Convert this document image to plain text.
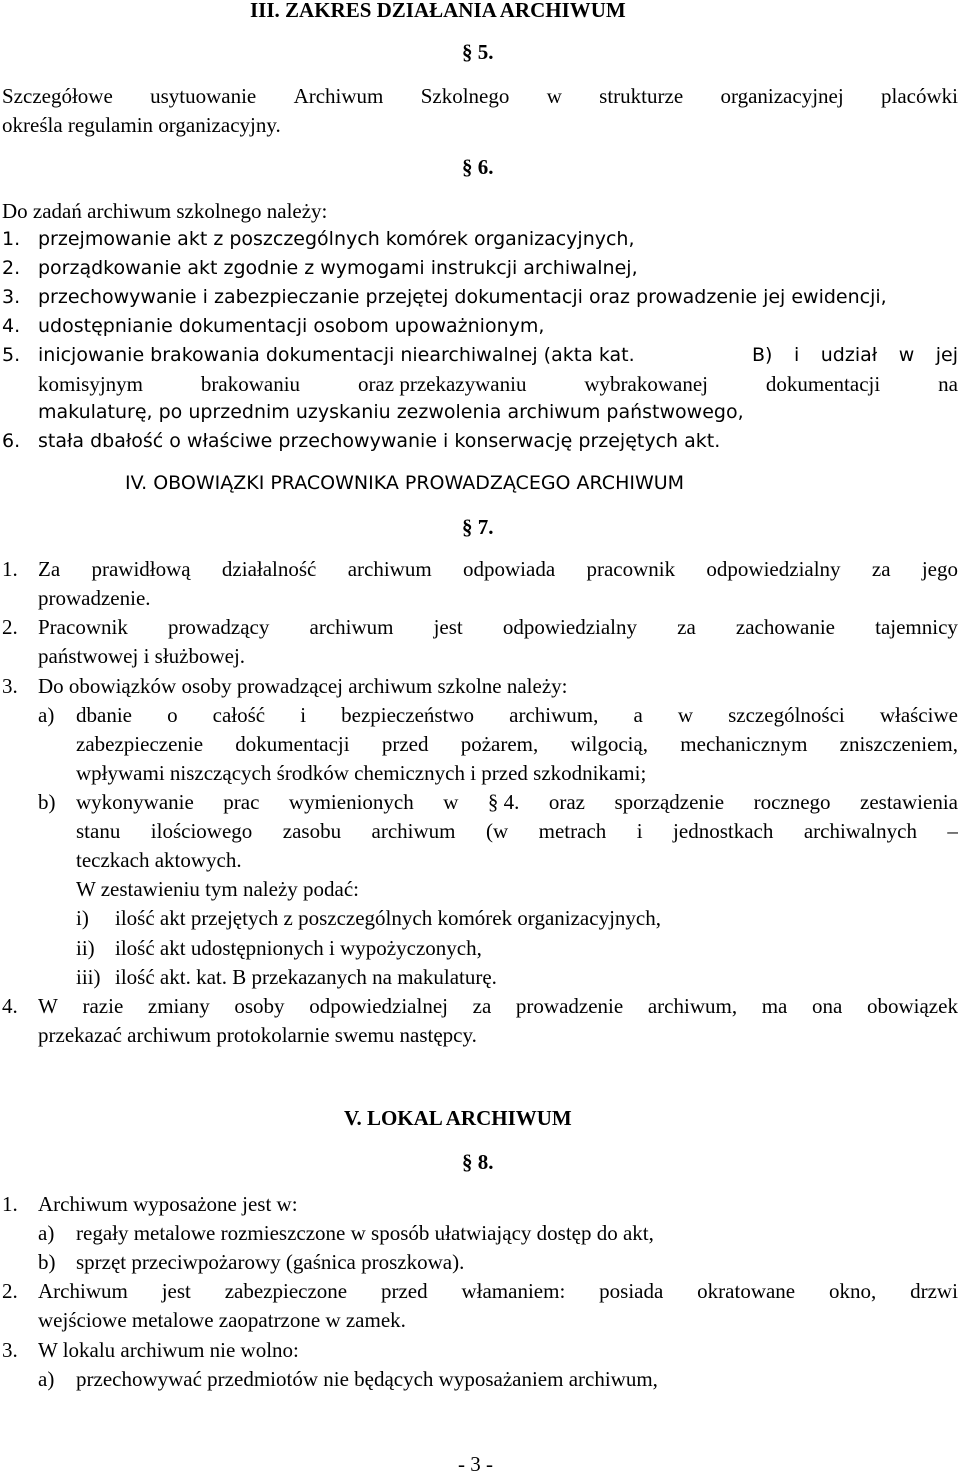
III. ZAKRES DZIAŁANIA ARCHIWUM
§ 5.
Szczegółowe usytuowanie Archiwum Szkolnego w strukturze organizacyjnej placówki
określa regulamin organizacyjny.
§ 6.
Do zadań archiwum szkolnego należy:
1. przejmowanie akt z poszczególnych komórek organizacyjnych,
2. porządkowanie akt zgodnie z wymogami instrukcji archiwalnej,
3. przechowywanie i zabezpieczanie przejętej dokumentacji oraz prowadzenie jej ewidencji,
4. udostępnianie dokumentacji osobom upoważnionym,
5. inicjowanie brakowania dokumentacji niearchiwalnej (akta kat.	B) i udział w jej
komisyjnym	brakowaniu	oraz przekazywaniu	wybrakowanej	dokumentacji	na
makulaturę, po uprzednim uzyskaniu zezwolenia archiwum państwowego,
6. stała dbałość o właściwe przechowywanie i konserwację przejętych akt.
IV. OBOWIĄZKI PRACOWNIKA PROWADZĄCEGO ARCHIWUM
§ 7.
1. Za prawidłową działalność archiwum odpowiada pracownik odpowiedzialny za jego
prowadzenie.
2. Pracownik prowadzący archiwum jest odpowiedzialny za zachowanie tajemnicy
państwowej i służbowej.
3. Do obowiązków osoby prowadzącej archiwum szkolne należy:
a) dbanie o całość i bezpieczeństwo archiwum, a w szczególności właściwe
zabezpieczenie dokumentacji przed pożarem, wilgocią, mechanicznym zniszczeniem,
wpływami niszczących środków chemicznych i przed szkodnikami;
b) wykonywanie prac wymienionych w § 4. oraz sporządzenie rocznego zestawienia
stanu ilościowego zasobu archiwum (w metrach i jednostkach archiwalnych –
teczkach aktowych.
W zestawieniu tym należy podać:
i) ilość akt przejętych z poszczególnych komórek organizacyjnych,
ii) ilość akt udostępnionych i wypożyczonych,
iii) ilość akt. kat. B przekazanych na makulaturę.
4. W razie zmiany osoby odpowiedzialnej za prowadzenie archiwum, ma ona obowiązek
przekazać archiwum protokolarnie swemu następcy.
V. LOKAL ARCHIWUM
§ 8.
1. Archiwum wyposażone jest w:
a) regały metalowe rozmieszczone w sposób ułatwiający dostęp do akt,
b) sprzęt przeciwpożarowy (gaśnica proszkowa).
2. Archiwum jest zabezpieczone przed włamaniem: posiada okratowane okno, drzwi
wejściowe metalowe zaopatrzone w zamek.
3. W lokalu archiwum nie wolno:
a) przechowywać przedmiotów nie będących wyposażaniem archiwum,
- 3 -
